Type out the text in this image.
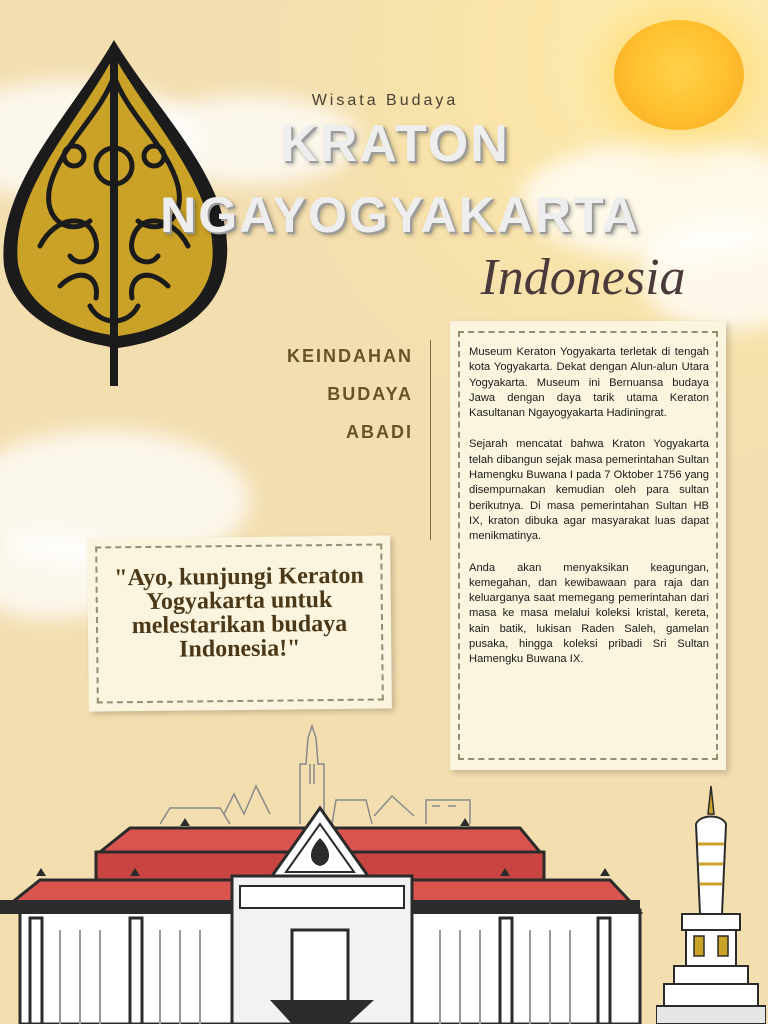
Wisata Budaya
KRATON
NGAYOGYAKARTA
Indonesia
KEINDAHAN
BUDAYA
ABADI
"Ayo, kunjungi Keraton Yogyakarta untuk melestarikan budaya Indonesia!"

Museum Keraton Yogyakarta terletak di tengah kota Yogyakarta. Dekat dengan Alun-alun Utara Yogyakarta. Museum ini Bernuansa budaya Jawa dengan daya tarik utama Keraton Kasultanan Ngayogyakarta Hadiningrat.

Sejarah mencatat bahwa Kraton Yogyakarta telah dibangun sejak masa pemerintahan Sultan Hamengku Buwana I pada 7 Oktober 1756 yang disempurnakan kemudian oleh para sultan berikutnya. Di masa pemerintahan Sultan HB IX, kraton dibuka agar masyarakat luas dapat menikmatinya.

Anda akan menyaksikan keagungan, kemegahan, dan kewibawaan para raja dan keluarganya saat memegang pemerintahan dari masa ke masa melalui koleksi kristal, kereta, kain batik, lukisan Raden Saleh, gamelan pusaka, hingga koleksi pribadi Sri Sultan Hamengku Buwana IX.
